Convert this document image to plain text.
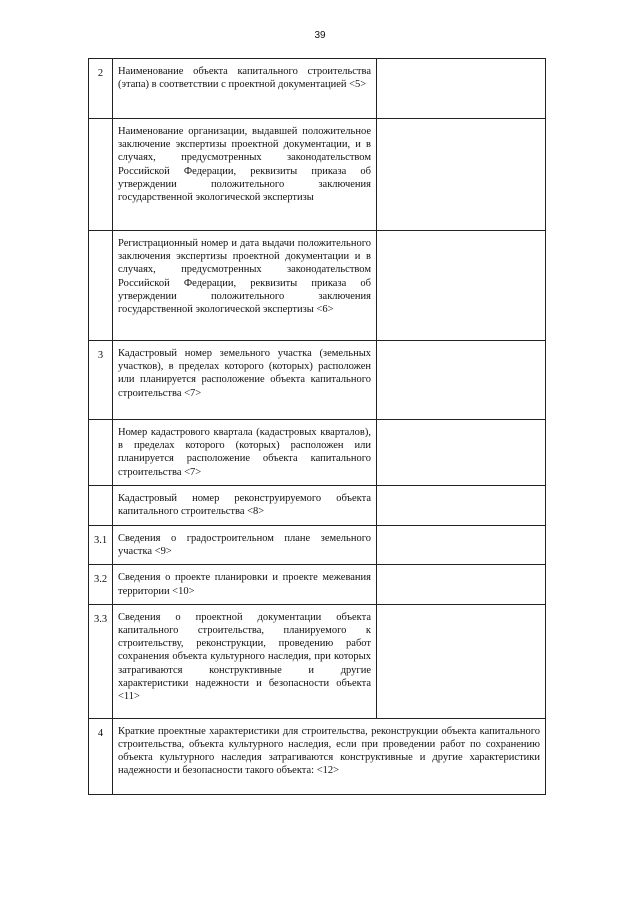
39
2	Наименование объекта капитального строительства (этапа) в соответствии с проектной документацией <5>	
	Наименование организации, выдавшей положительное заключение экспертизы проектной документации, и в случаях, предусмотренных законодательством Российской Федерации, реквизиты приказа об утверждении положительного заключения государственной экологической экспертизы	
	Регистрационный номер и дата выдачи положительного заключения экспертизы проектной документации и в случаях, предусмотренных законодательством Российской Федерации, реквизиты приказа об утверждении положительного заключения государственной экологической экспертизы <6>	
3	Кадастровый номер земельного участка (земельных участков), в пределах которого (которых) расположен или планируется расположение объекта капитального строительства <7>	
	Номер кадастрового квартала (кадастровых кварталов), в пределах которого (которых) расположен или планируется расположение объекта капитального строительства <7>	
	Кадастровый номер реконструируемого объекта капитального строительства <8>	
3.1	Сведения о градостроительном плане земельного участка <9>	
3.2	Сведения о проекте планировки и проекте межевания территории <10>	
3.3	Сведения о проектной документации объекта капитального строительства, планируемого к строительству, реконструкции, проведению работ сохранения объекта культурного наследия, при которых затрагиваются конструктивные и другие характеристики надежности и безопасности объекта <11>	
4	Краткие проектные характеристики для строительства, реконструкции объекта капитального строительства, объекта культурного наследия, если при проведении работ по сохранению объекта культурного наследия затрагиваются конструктивные и другие характеристики надежности и безопасности такого объекта: <12>	
